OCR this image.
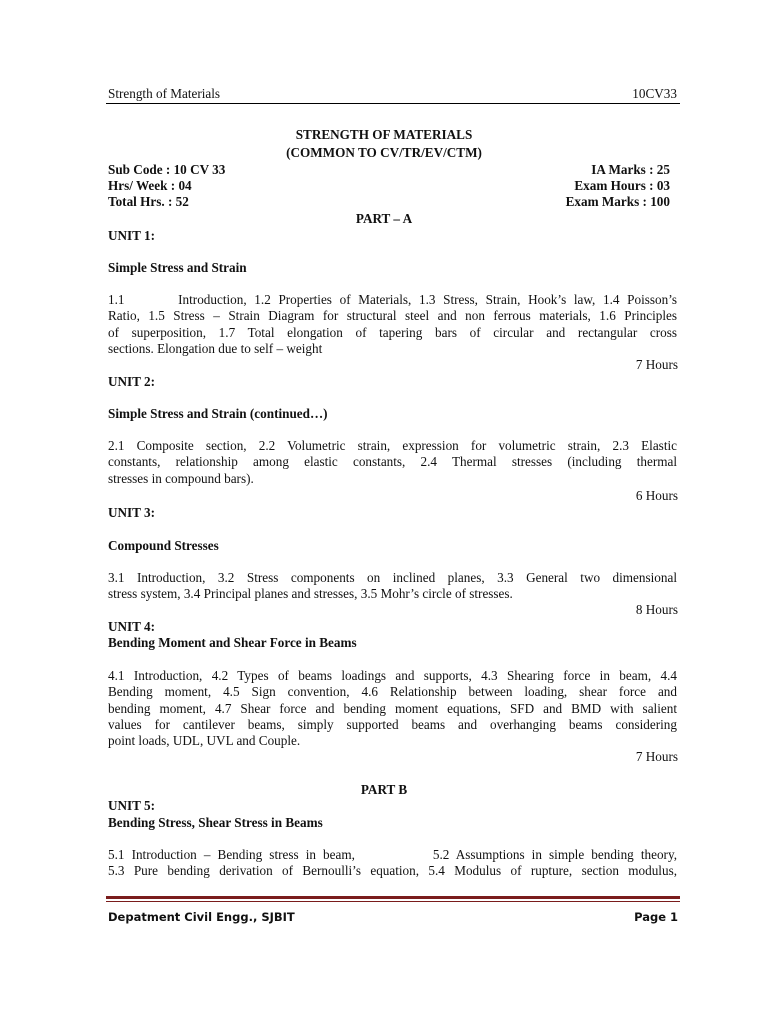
Strength of Materials	10CV33
STRENGTH OF MATERIALS
(COMMON TO CV/TR/EV/CTM)
Sub Code : 10 CV 33	IA Marks : 25
Hrs/ Week : 04	Exam Hours : 03
Total Hrs. : 52	Exam Marks : 100
PART – A
UNIT 1:
Simple Stress and Strain
1.1       Introduction, 1.2 Properties of Materials, 1.3 Stress, Strain, Hook’s law, 1.4 Poisson’s
Ratio, 1.5 Stress – Strain Diagram for structural steel and non ferrous materials, 1.6 Principles
of superposition, 1.7 Total elongation of tapering bars of circular and rectangular cross
sections. Elongation due to self – weight
7 Hours
UNIT 2:
Simple Stress and Strain (continued…)
2.1 Composite section, 2.2 Volumetric strain, expression for volumetric strain, 2.3 Elastic
constants, relationship among elastic constants, 2.4 Thermal stresses (including thermal
stresses in compound bars).
6 Hours
UNIT 3:
Compound Stresses
3.1 Introduction, 3.2 Stress components on inclined planes, 3.3 General two dimensional
stress system, 3.4 Principal planes and stresses, 3.5 Mohr’s circle of stresses.
8 Hours
UNIT 4:
Bending Moment and Shear Force in Beams
4.1 Introduction, 4.2 Types of beams loadings and supports, 4.3 Shearing force in beam, 4.4
Bending moment, 4.5 Sign convention, 4.6 Relationship between loading, shear force and
bending moment, 4.7 Shear force and bending moment equations, SFD and BMD with salient
values for cantilever beams, simply supported beams and overhanging beams considering
point loads, UDL, UVL and Couple.
7 Hours
PART B
UNIT 5:
Bending Stress, Shear Stress in Beams
5.1 Introduction – Bending stress in beam,           5.2 Assumptions in simple bending theory,
5.3 Pure bending derivation of Bernoulli’s equation, 5.4 Modulus of rupture, section modulus,
Depatment Civil Engg., SJBIT	Page 1
